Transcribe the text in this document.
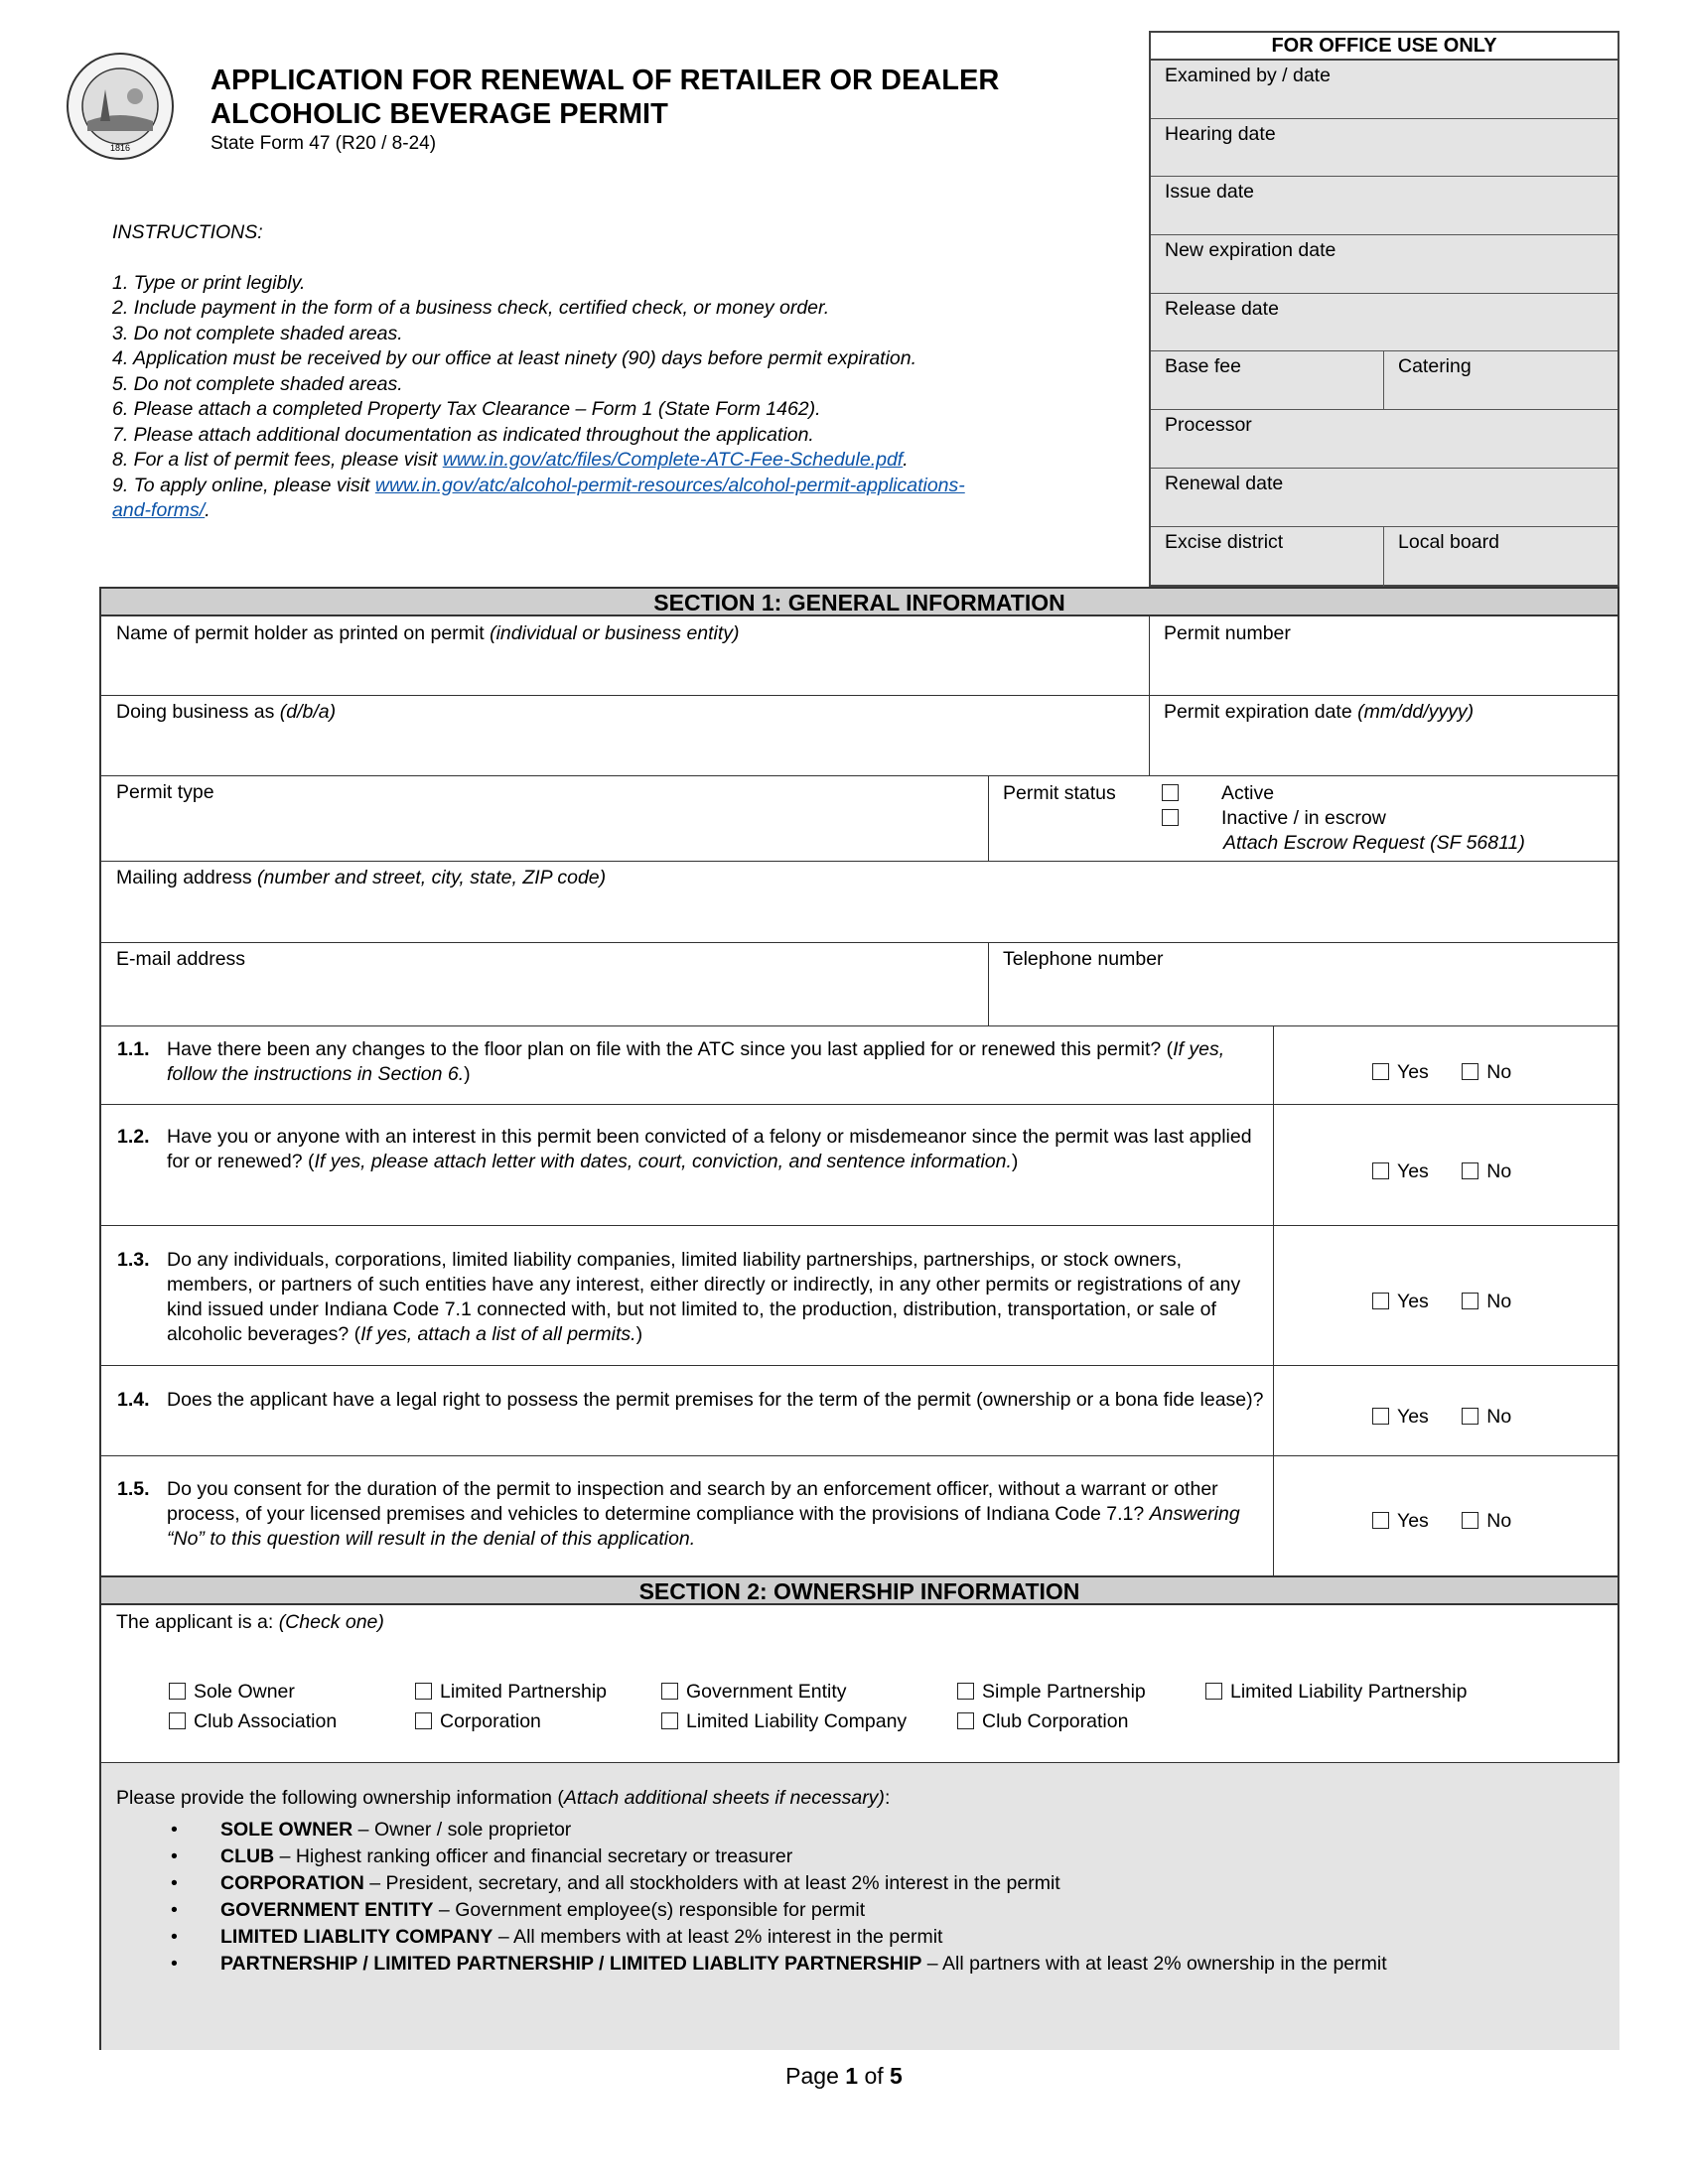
1816
APPLICATION FOR RENEWAL OF RETAILER OR DEALER
ALCOHOLIC BEVERAGE PERMIT
State Form 47 (R20 / 8-24)
INSTRUCTIONS:
1. Type or print legibly.
2. Include payment in the form of a business check, certified check, or money order.
3. Do not complete shaded areas.
4. Application must be received by our office at least ninety (90) days before permit expiration.
5. Do not complete shaded areas.
6. Please attach a completed Property Tax Clearance – Form 1 (State Form 1462).
7. Please attach additional documentation as indicated throughout the application.
8. For a list of permit fees, please visit www.in.gov/atc/files/Complete-ATC-Fee-Schedule.pdf.
9. To apply online, please visit www.in.gov/atc/alcohol-permit-resources/alcohol-permit-applications-
and-forms/.
FOR OFFICE USE ONLY
Examined by / date
Hearing date
Issue date
New expiration date
Release date
Base fee	Catering
Processor
Renewal date
Excise district	Local board
SECTION 1: GENERAL INFORMATION
Name of permit holder as printed on permit (individual or business entity)	Permit number
Doing business as (d/b/a)	Permit expiration date (mm/dd/yyyy)
Permit type	Permit status	Active
Inactive / in escrow
Attach Escrow Request (SF 56811)
Mailing address (number and street, city, state, ZIP code)
E-mail address	Telephone number
1.1. Have there been any changes to the floor plan on file with the ATC since you last applied for or renewed this permit? (If yes, follow the instructions in Section 6.)	Yes	No
1.2. Have you or anyone with an interest in this permit been convicted of a felony or misdemeanor since the permit was last applied for or renewed? (If yes, please attach letter with dates, court, conviction, and sentence information.)	Yes	No
1.3. Do any individuals, corporations, limited liability companies, limited liability partnerships, partnerships, or stock owners, members, or partners of such entities have any interest, either directly or indirectly, in any other permits or registrations of any kind issued under Indiana Code 7.1 connected with, but not limited to, the production, distribution, transportation, or sale of alcoholic beverages? (If yes, attach a list of all permits.)
Yes	No
1.4. Does the applicant have a legal right to possess the permit premises for the term of the permit (ownership or a bona fide lease)?
Yes	No
1.5. Do you consent for the duration of the permit to inspection and search by an enforcement officer, without a warrant or other process, of your licensed premises and vehicles to determine compliance with the provisions of Indiana Code 7.1? Answering “No” to this question will result in the denial of this application.
Yes	No
SECTION 2: OWNERSHIP INFORMATION
The applicant is a: (Check one)
Sole Owner	Limited Partnership	Government Entity	Simple Partnership	Limited Liability Partnership
Club Association	Corporation	Limited Liability Company	Club Corporation
Please provide the following ownership information (Attach additional sheets if necessary):
• SOLE OWNER – Owner / sole proprietor
• CLUB – Highest ranking officer and financial secretary or treasurer
• CORPORATION – President, secretary, and all stockholders with at least 2% interest in the permit
• GOVERNMENT ENTITY – Government employee(s) responsible for permit
• LIMITED LIABLITY COMPANY – All members with at least 2% interest in the permit
• PARTNERSHIP / LIMITED PARTNERSHIP / LIMITED LIABLITY PARTNERSHIP – All partners with at least 2% ownership in the permit
Page 1 of 5
